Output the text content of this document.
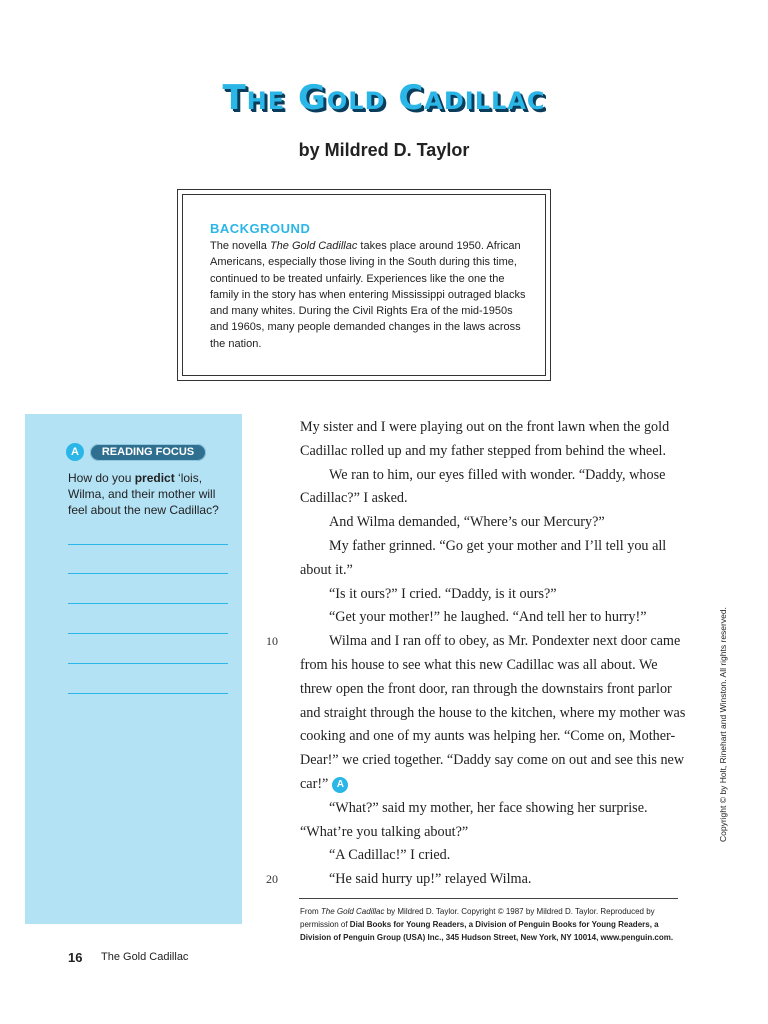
The Gold Cadillac
by Mildred D. Taylor
BACKGROUND
The novella The Gold Cadillac takes place around 1950. African Americans, especially those living in the South during this time, continued to be treated unfairly. Experiences like the one the family in the story has when entering Mississippi outraged blacks and many whites. During the Civil Rights Era of the mid-1950s and 1960s, many people demanded changes in the laws across the nation.
A	READING FOCUS
How do you predict ‘lois, Wilma, and their mother will feel about the new Cadillac?

My sister and I were playing out on the front lawn when the gold Cadillac rolled up and my father stepped from behind the wheel.

We ran to him, our eyes filled with wonder. “Daddy, whose Cadillac?” I asked.

And Wilma demanded, “Where’s our Mercury?”

My father grinned. “Go get your mother and I’ll tell you all about it.”

“Is it ours?” I cried. “Daddy, is it ours?”

“Get your mother!” he laughed. “And tell her to hurry!”

Wilma and I ran off to obey, as Mr. Pondexter next door came from his house to see what this new Cadillac was all about. We threw open the front door, ran through the downstairs front parlor and straight through the house to the kitchen, where my mother was cooking and one of my aunts was helping her. “Come on, Mother-Dear!” we cried together. “Daddy say come on out and see this new car!” A

“What?” said my mother, her face showing her surprise. “What’re you talking about?”

“A Cadillac!” I cried.

“He said hurry up!” relayed Wilma.

10
20
Copyright © by Holt, Rinehart and Winston. All rights reserved.
From The Gold Cadillac by Mildred D. Taylor. Copyright © 1987 by Mildred D. Taylor. Reproduced by permission of Dial Books for Young Readers, a Division of Penguin Books for Young Readers, a Division of Penguin Group (USA) Inc., 345 Hudson Street, New York, NY 10014, www.penguin.com.
16 The Gold Cadillac
